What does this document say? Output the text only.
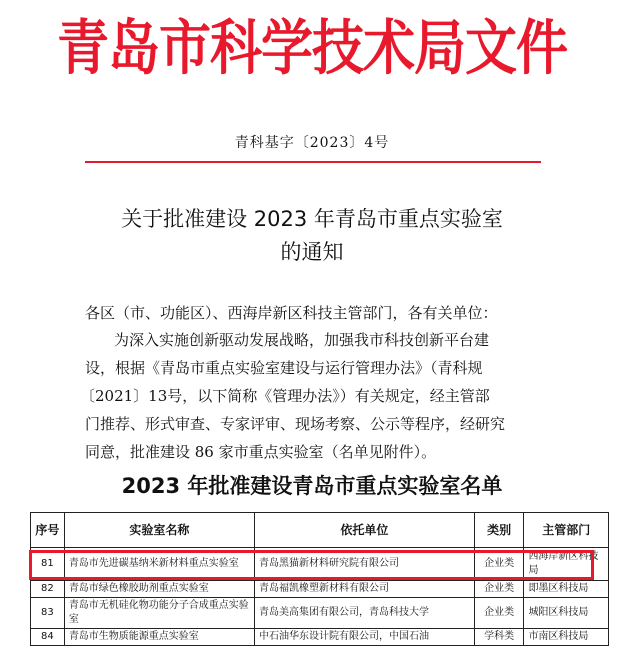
青岛市科学技术局文件
青科基字〔2023〕4号
关于批准建设 2023 年青岛市重点实验室
的通知
各区（市、功能区）、西海岸新区科技主管部门，各有关单位：
为深入实施创新驱动发展战略，加强我市科技创新平台建
设，根据《青岛市重点实验室建设与运行管理办法》（青科规
〔2021〕13号，以下简称《管理办法》）有关规定，经主管部
门推荐、形式审查、专家评审、现场考察、公示等程序，经研究
同意，批准建设 86 家市重点实验室（名单见附件）。
2023 年批准建设青岛市重点实验室名单
序号	实验室名称	依托单位	类别	主管部门
81	青岛市先进碳基纳米新材料重点实验室	青岛黑猫新材料研究院有限公司	企业类	西海岸新区科技局
82	青岛市绿色橡胶助剂重点实验室	青岛福凯橡塑新材料有限公司	企业类	即墨区科技局
83	青岛市无机硅化物功能分子合成重点实验室	青岛美高集团有限公司，青岛科技大学	企业类	城阳区科技局
84	青岛市生物质能源重点实验室	中石油华东设计院有限公司，中国石油	学科类	市南区科技局
